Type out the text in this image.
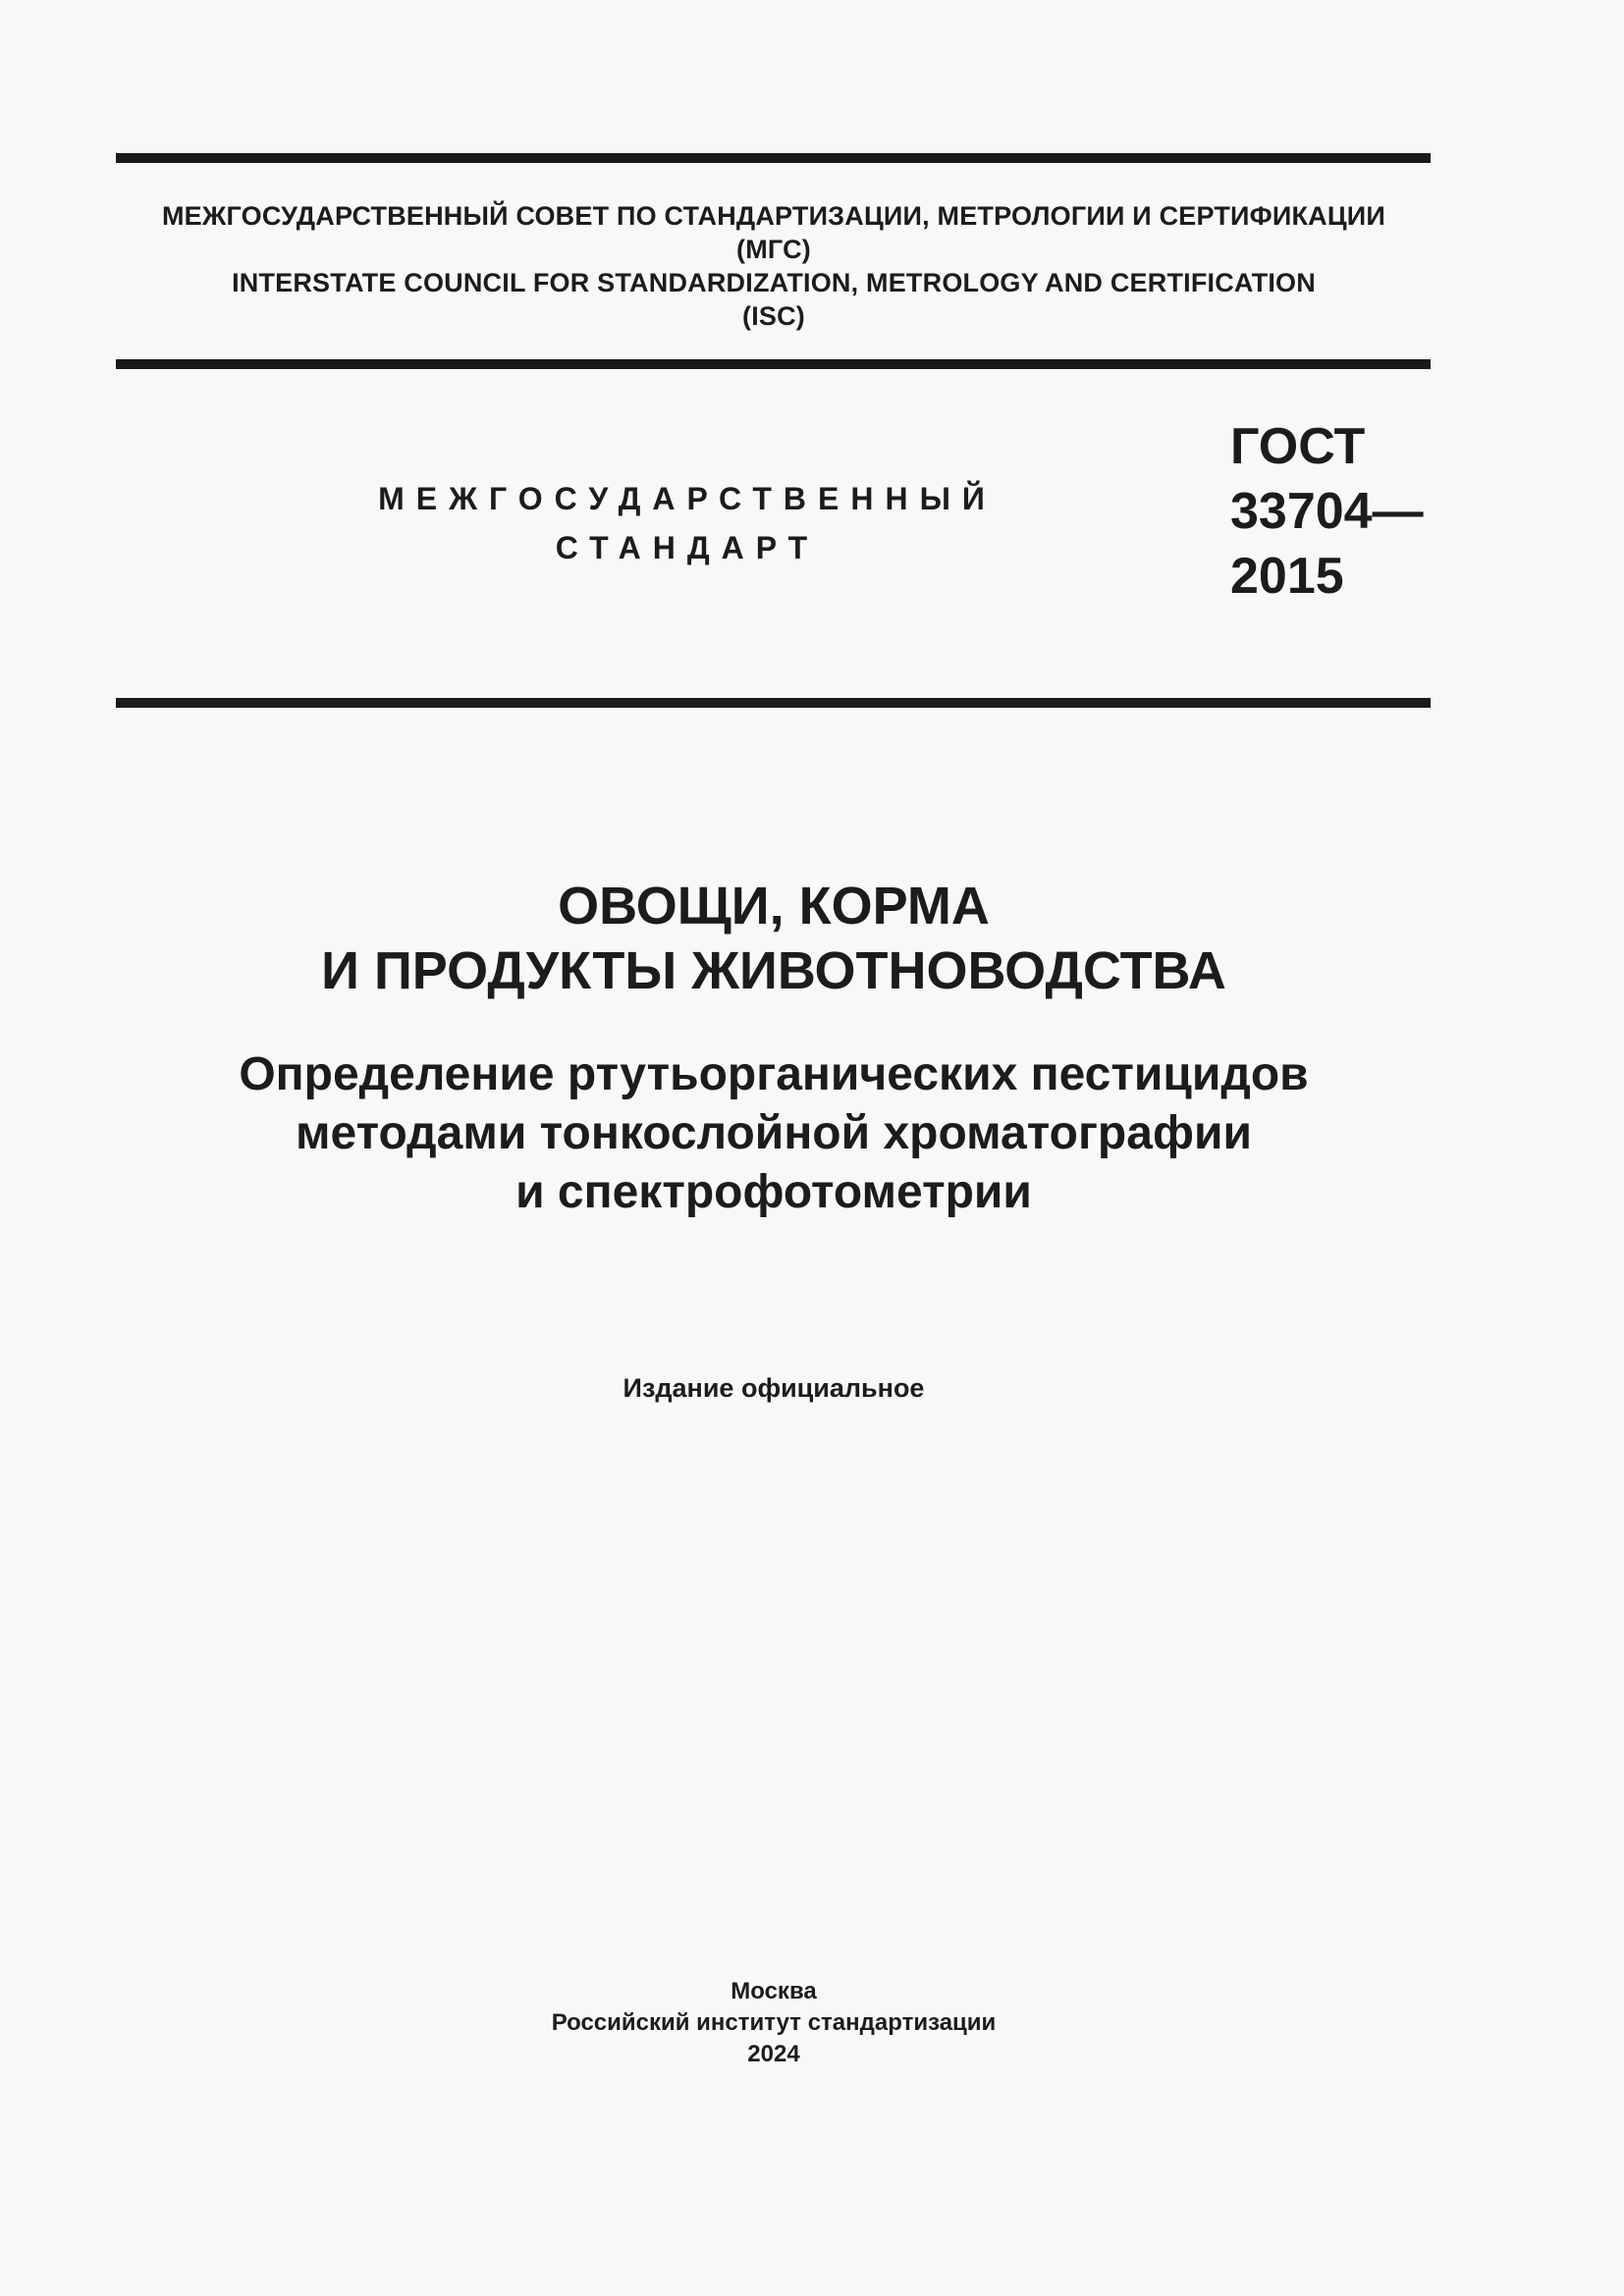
МЕЖГОСУДАРСТВЕННЫЙ СОВЕТ ПО СТАНДАРТИЗАЦИИ, МЕТРОЛОГИИ И СЕРТИФИКАЦИИ
(МГС)
INTERSTATE COUNCIL FOR STANDARDIZATION, METROLOGY AND CERTIFICATION
(ISC)
МЕЖГОСУДАРСТВЕННЫЙ
СТАНДАРТ
ГОСТ
33704—
2015
ОВОЩИ, КОРМА
И ПРОДУКТЫ ЖИВОТНОВОДСТВА
Определение ртутьорганических пестицидов
методами тонкослойной хроматографии
и спектрофотометрии
Издание официальное
Москва
Российский институт стандартизации
2024
